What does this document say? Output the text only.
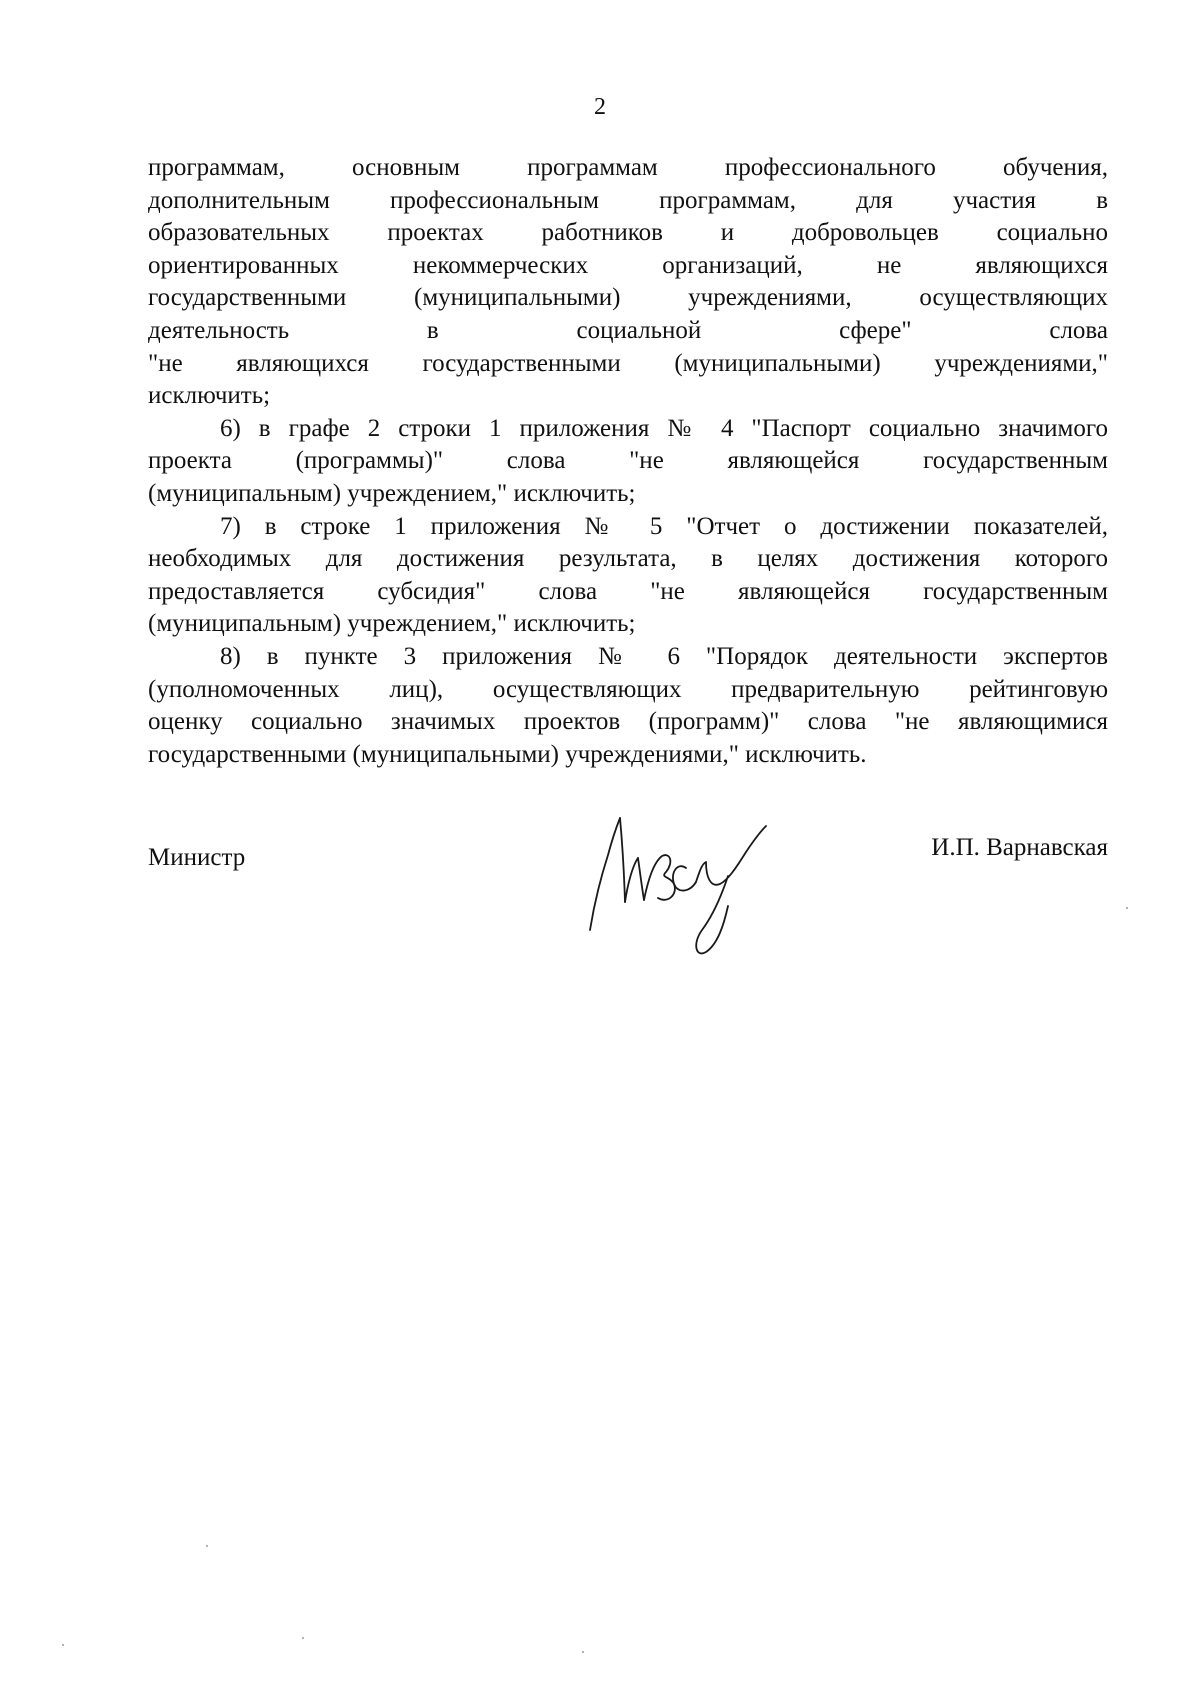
2
программам, основным программам профессионального обучения,
дополнительным профессиональным программам, для участия в
образовательных проектах работников и добровольцев социально
ориентированных некоммерческих организаций, не являющихся
государственными (муниципальными) учреждениями, осуществляющих
деятельность в социальной сфере" слова
"не являющихся государственными (муниципальными) учреждениями,"
исключить;
6) в графе 2 строки 1 приложения № 4 "Паспорт социально значимого
проекта (программы)" слова "не являющейся государственным
(муниципальным) учреждением," исключить;
7) в строке 1 приложения № 5 "Отчет о достижении показателей,
необходимых для достижения результата, в целях достижения которого
предоставляется субсидия" слова "не являющейся государственным
(муниципальным) учреждением," исключить;
8) в пункте 3 приложения № 6 "Порядок деятельности экспертов
(уполномоченных лиц), осуществляющих предварительную рейтинговую
оценку социально значимых проектов (программ)" слова "не являющимися
государственными (муниципальными) учреждениями," исключить.
Министр	И.П. Варнавская
